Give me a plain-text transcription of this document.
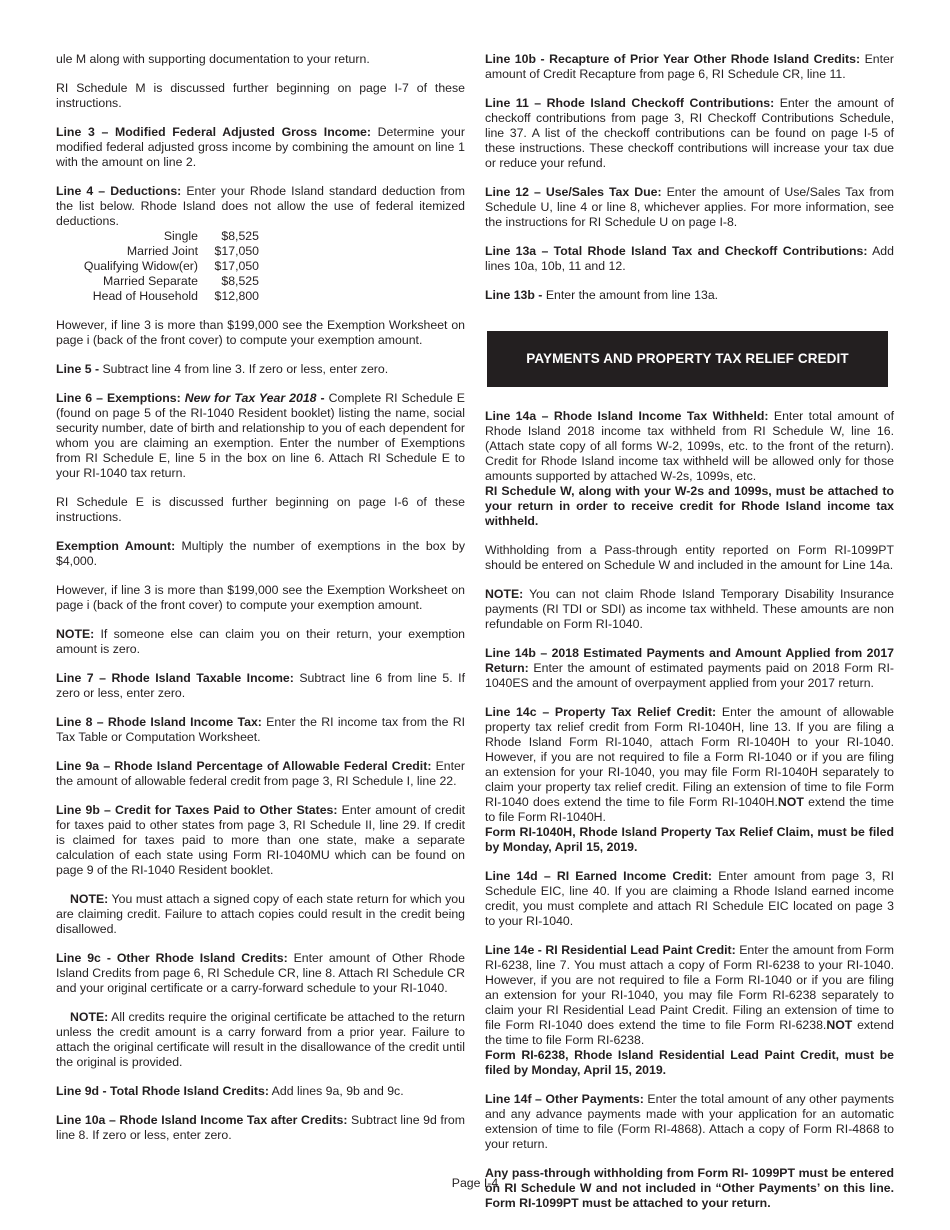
ule M along with supporting documentation to your return.

RI Schedule M is discussed further beginning on page I-7 of these instructions.

Line 3 – Modified Federal Adjusted Gross Income: Determine your modified federal adjusted gross income by combining the amount on line 1 with the amount on line 2.

Line 4 – Deductions: Enter your Rhode Island standard deduction from the list below. Rhode Island does not allow the use of federal itemized deductions.

Single	$8,525
Married Joint	$17,050
Qualifying Widow(er)	$17,050
Married Separate	$8,525
Head of Household	$12,800

However, if line 3 is more than $199,000 see the Exemption Worksheet on page i (back of the front cover) to compute your exemption amount.

Line 5 - Subtract line 4 from line 3. If zero or less, enter zero.

Line 6 – Exemptions: New for Tax Year 2018 - Complete RI Schedule E (found on page 5 of the RI-1040 Resident booklet) listing the name, social security number, date of birth and relationship to you of each dependent for whom you are claiming an exemption. Enter the number of Exemptions from RI Schedule E, line 5 in the box on line 6. Attach RI Schedule E to your RI-1040 tax return.

RI Schedule E is discussed further beginning on page I-6 of these instructions.

Exemption Amount: Multiply the number of exemptions in the box by $4,000.

However, if line 3 is more than $199,000 see the Exemption Worksheet on page i (back of the front cover) to compute your exemption amount.

NOTE: If someone else can claim you on their return, your exemption amount is zero.

Line 7 – Rhode Island Taxable Income: Subtract line 6 from line 5. If zero or less, enter zero.

Line 8 – Rhode Island Income Tax: Enter the RI income tax from the RI Tax Table or Computation Worksheet.

Line 9a – Rhode Island Percentage of Allowable Federal Credit: Enter the amount of allowable federal credit from page 3, RI Schedule I, line 22.

Line 9b – Credit for Taxes Paid to Other States: Enter amount of credit for taxes paid to other states from page 3, RI Schedule II, line 29. If credit is claimed for taxes paid to more than one state, make a separate calculation of each state using Form RI-1040MU which can be found on page 9 of the RI-1040 Resident booklet.

NOTE: You must attach a signed copy of each state return for which you are claiming credit. Failure to attach copies could result in the credit being disallowed.

Line 9c - Other Rhode Island Credits: Enter amount of Other Rhode Island Credits from page 6, RI Schedule CR, line 8. Attach RI Schedule CR and your original certificate or a carry-forward schedule to your RI-1040.

NOTE: All credits require the original certificate be attached to the return unless the credit amount is a carry forward from a prior year. Failure to attach the original certificate will result in the disallowance of the credit until the original is provided.

Line 9d - Total Rhode Island Credits: Add lines 9a, 9b and 9c.

Line 10a – Rhode Island Income Tax after Credits: Subtract line 9d from line 8. If zero or less, enter zero.

Line 10b - Recapture of Prior Year Other Rhode Island Credits: Enter amount of Credit Recapture from page 6, RI Schedule CR, line 11.

Line 11 – Rhode Island Checkoff Contributions: Enter the amount of checkoff contributions from page 3, RI Checkoff Contributions Schedule, line 37. A list of the checkoff contributions can be found on page I-5 of these instructions. These checkoff contributions will increase your tax due or reduce your refund.

Line 12 – Use/Sales Tax Due: Enter the amount of Use/Sales Tax from Schedule U, line 4 or line 8, whichever applies. For more information, see the instructions for RI Schedule U on page I-8.

Line 13a – Total Rhode Island Tax and Checkoff Contributions: Add lines 10a, 10b, 11 and 12.

Line 13b - Enter the amount from line 13a.

PAYMENTS AND PROPERTY TAX RELIEF CREDIT

Line 14a – Rhode Island Income Tax Withheld: Enter total amount of Rhode Island 2018 income tax withheld from RI Schedule W, line 16. (Attach state copy of all forms W-2, 1099s, etc. to the front of the return). Credit for Rhode Island income tax withheld will be allowed only for those amounts supported by attached W-2s, 1099s, etc.

RI Schedule W, along with your W-2s and 1099s, must be attached to your return in order to receive credit for Rhode Island income tax withheld.

Withholding from a Pass-through entity reported on Form RI-1099PT should be entered on Schedule W and included in the amount for Line 14a.

NOTE: You can not claim Rhode Island Temporary Disability Insurance payments (RI TDI or SDI) as income tax withheld. These amounts are non refundable on Form RI-1040.

Line 14b – 2018 Estimated Payments and Amount Applied from 2017 Return: Enter the amount of estimated payments paid on 2018 Form RI-1040ES and the amount of overpayment applied from your 2017 return.

Line 14c – Property Tax Relief Credit: Enter the amount of allowable property tax relief credit from Form RI-1040H, line 13. If you are filing a Rhode Island Form RI-1040, attach Form RI-1040H to your RI-1040. However, if you are not required to file a Form RI-1040 or if you are filing an extension for your RI-1040, you may file Form RI-1040H separately to claim your property tax relief credit. Filing an extension of time to file Form RI-1040 does extend the time to file Form RI-1040H.NOT extend the time to file Form RI-1040H.

Form RI-1040H, Rhode Island Property Tax Relief Claim, must be filed by Monday, April 15, 2019.

Line 14d – RI Earned Income Credit: Enter amount from page 3, RI Schedule EIC, line 40. If you are claiming a Rhode Island earned income credit, you must complete and attach RI Schedule EIC located on page 3 to your RI-1040.

Line 14e - RI Residential Lead Paint Credit: Enter the amount from Form RI-6238, line 7. You must attach a copy of Form RI-6238 to your RI-1040. However, if you are not required to file a Form RI-1040 or if you are filing an extension for your RI-1040, you may file Form RI-6238 separately to claim your RI Residential Lead Paint Credit. Filing an extension of time to file Form RI-1040 does extend the time to file Form RI-6238.NOT extend the time to file Form RI-6238.

Form RI-6238, Rhode Island Residential Lead Paint Credit, must be filed by Monday, April 15, 2019.

Line 14f – Other Payments: Enter the total amount of any other payments and any advance payments made with your application for an automatic extension of time to file (Form RI-4868). Attach a copy of Form RI-4868 to your return.

Any pass-through withholding from Form RI- 1099PT must be entered on RI Schedule W and not included in “Other Payments’ on this line. Form RI-1099PT must be attached to your return.

Page I-4
